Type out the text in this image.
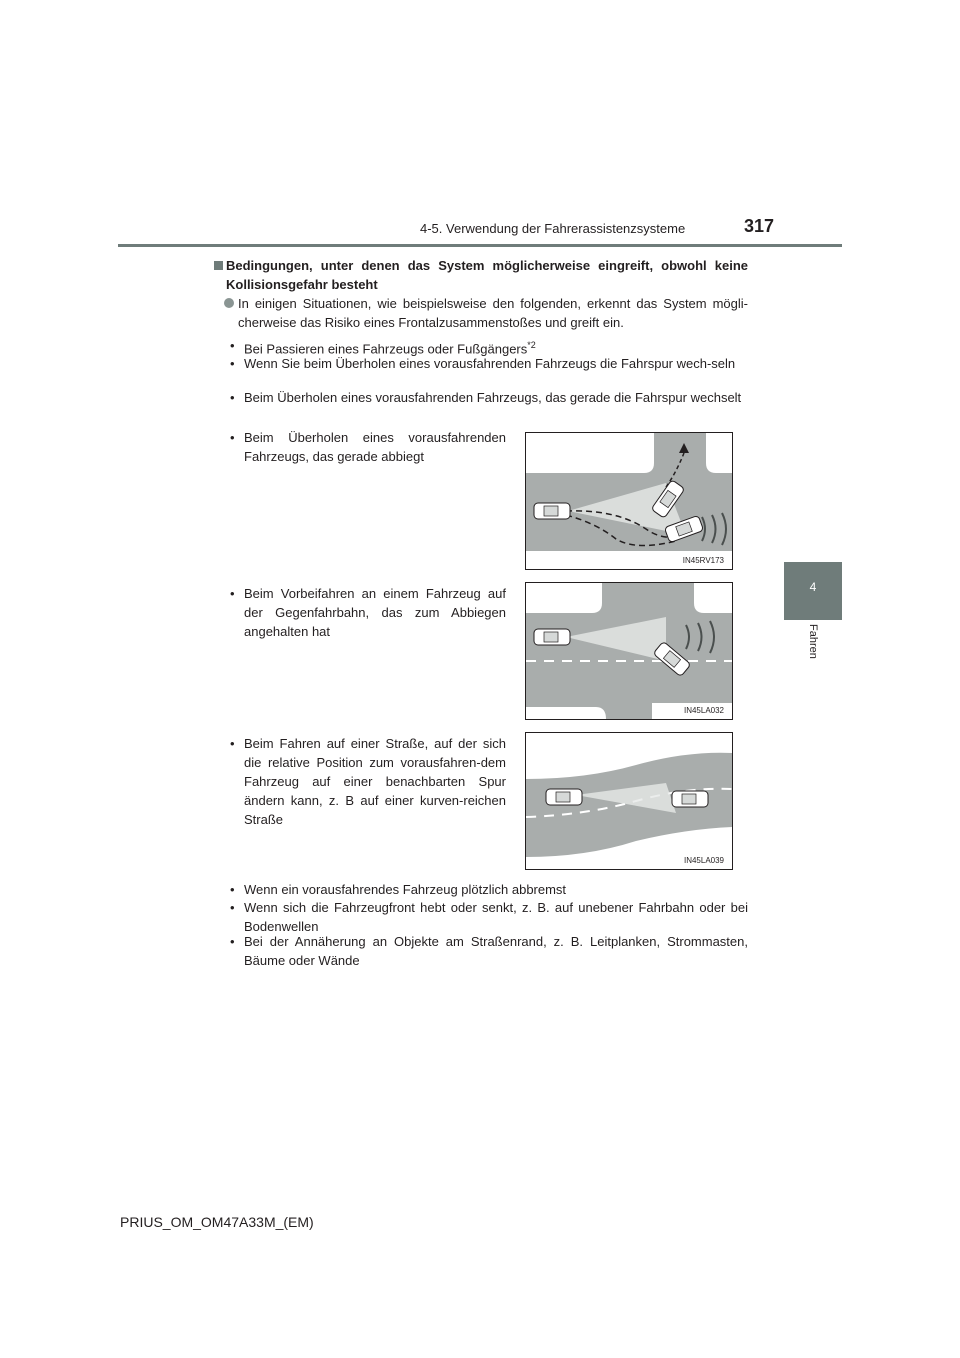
4-5. Verwendung der Fahrerassistenzsysteme	317
4
Fahren
Bedingungen, unter denen das System möglicherweise eingreift, obwohl keine Kollisionsgefahr besteht
In einigen Situationen, wie beispielsweise den folgenden, erkennt das System mögli-cherweise das Risiko eines Frontalzusammenstoßes und greift ein.
• Bei Passieren eines Fahrzeugs oder Fußgängers$^{*2}$
• Wenn Sie beim Überholen eines vorausfahrenden Fahrzeugs die Fahrspur wech-seln
• Beim Überholen eines vorausfahrenden Fahrzeugs, das gerade die Fahrspur wechselt
• Beim Überholen eines vorausfahrenden Fahrzeugs, das gerade abbiegt
IN45RV173
• Beim Vorbeifahren an einem Fahrzeug auf der Gegenfahrbahn, das zum Abbiegen angehalten hat
IN45LA032
• Beim Fahren auf einer Straße, auf der sich die relative Position zum vorausfahren-dem Fahrzeug auf einer benachbarten Spur ändern kann, z. B auf einer kurven-reichen Straße
IN45LA039
• Wenn ein vorausfahrendes Fahrzeug plötzlich abbremst
• Wenn sich die Fahrzeugfront hebt oder senkt, z. B. auf unebener Fahrbahn oder bei Bodenwellen
• Bei der Annäherung an Objekte am Straßenrand, z. B. Leitplanken, Strommasten, Bäume oder Wände
PRIUS_OM_OM47A33M_(EM)
